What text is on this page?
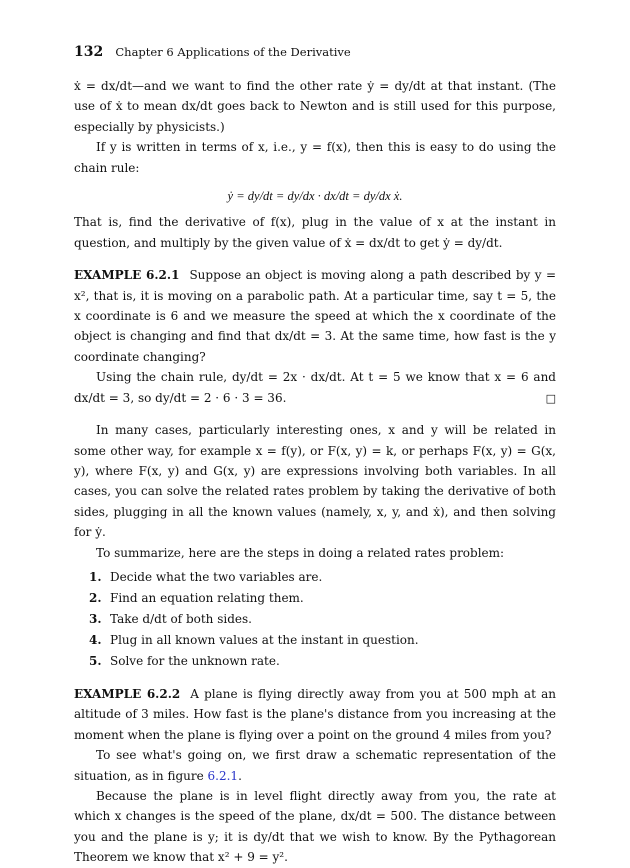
132 Chapter 6 Applications of the Derivative

ẋ = dx/dt—and we want to find the other rate ẏ = dy/dt at that instant. (The use of ẋ to mean dx/dt goes back to Newton and is still used for this purpose, especially by physicists.)

If y is written in terms of x, i.e., y = f(x), then this is easy to do using the chain rule:

ẏ = dy/dt = dy/dx · dx/dt = dy/dx ẋ.

That is, find the derivative of f(x), plug in the value of x at the instant in question, and multiply by the given value of ẋ = dx/dt to get ẏ = dy/dt.

EXAMPLE 6.2.1 Suppose an object is moving along a path described by y = x², that is, it is moving on a parabolic path. At a particular time, say t = 5, the x coordinate is 6 and we measure the speed at which the x coordinate of the object is changing and find that dx/dt = 3. At the same time, how fast is the y coordinate changing?

Using the chain rule, dy/dt = 2x · dx/dt. At t = 5 we know that x = 6 and dx/dt = 3, so dy/dt = 2 · 6 · 3 = 36.	□

In many cases, particularly interesting ones, x and y will be related in some other way, for example x = f(y), or F(x, y) = k, or perhaps F(x, y) = G(x, y), where F(x, y) and G(x, y) are expressions involving both variables. In all cases, you can solve the related rates problem by taking the derivative of both sides, plugging in all the known values (namely, x, y, and ẋ), and then solving for ẏ.

To summarize, here are the steps in doing a related rates problem:

1. Decide what the two variables are.
2. Find an equation relating them.
3. Take d/dt of both sides.
4. Plug in all known values at the instant in question.
5. Solve for the unknown rate.

EXAMPLE 6.2.2 A plane is flying directly away from you at 500 mph at an altitude of 3 miles. How fast is the plane's distance from you increasing at the moment when the plane is flying over a point on the ground 4 miles from you?

To see what's going on, we first draw a schematic representation of the situation, as in figure 6.2.1.

Because the plane is in level flight directly away from you, the rate at which x changes is the speed of the plane, dx/dt = 500. The distance between you and the plane is y; it is dy/dt that we wish to know. By the Pythagorean Theorem we know that x² + 9 = y².
